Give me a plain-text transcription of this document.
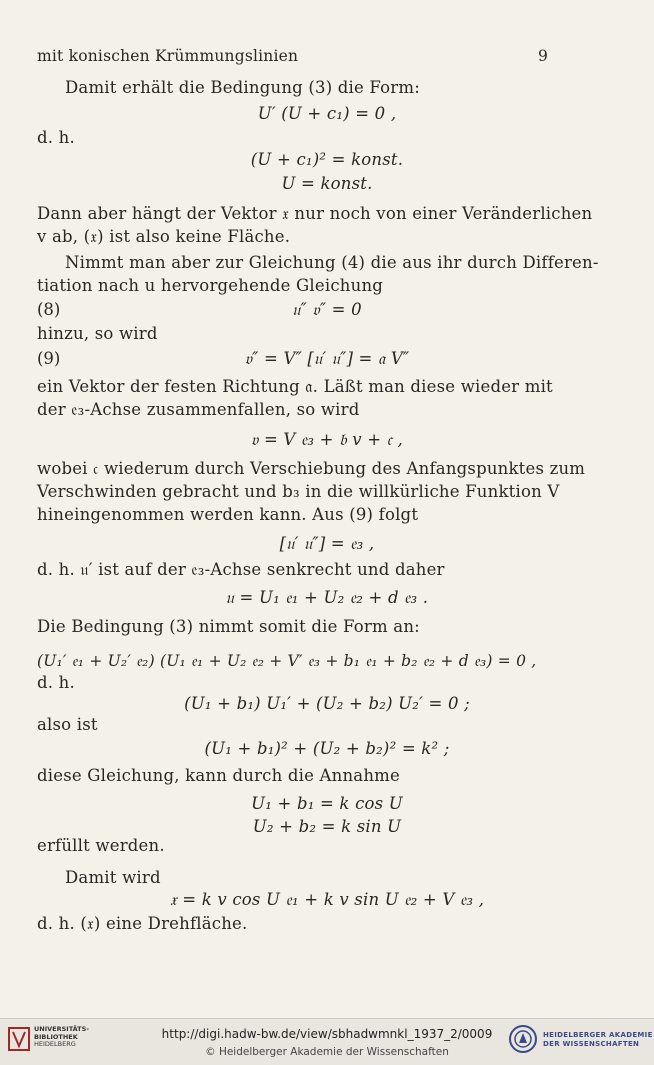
mit konischen Krümmungslinien	9
Damit erhält die Bedingung (3) die Form:
U′ (U + c₁) = 0 ,
d. h.
(U + c₁)² = konst.
U = konst.
Dann aber hängt der Vektor 𝔵 nur noch von einer Veränderlichen
v ab, (𝔵) ist also keine Fläche.
Nimmt man aber zur Gleichung (4) die aus ihr durch Differen-
tiation nach u hervorgehende Gleichung
(8)	𝔲″ 𝔳″ = 0
hinzu, so wird
(9)	𝔳″ = V″ [𝔲′ 𝔲″] = 𝔞 V″
ein Vektor der festen Richtung 𝔞. Läßt man diese wieder mit
der 𝔢₃-Achse zusammenfallen, so wird
𝔳 = V 𝔢₃ + 𝔟 v + 𝔠 ,
wobei 𝔠 wiederum durch Verschiebung des Anfangspunktes zum
Verschwinden gebracht und b₃ in die willkürliche Funktion V
hineingenommen werden kann. Aus (9) folgt
[𝔲′ 𝔲″] = 𝔢₃ ,
d. h. 𝔲′ ist auf der 𝔢₃-Achse senkrecht und daher
𝔲 = U₁ 𝔢₁ + U₂ 𝔢₂ + d 𝔢₃ .
Die Bedingung (3) nimmt somit die Form an:
(U₁′ 𝔢₁ + U₂′ 𝔢₂) (U₁ 𝔢₁ + U₂ 𝔢₂ + V′ 𝔢₃ + b₁ 𝔢₁ + b₂ 𝔢₂ + d 𝔢₃) = 0 ,
d. h.
(U₁ + b₁) U₁′ + (U₂ + b₂) U₂′ = 0 ;
also ist
(U₁ + b₁)² + (U₂ + b₂)² = k² ;
diese Gleichung, kann durch die Annahme
U₁ + b₁ = k cos U
U₂ + b₂ = k sin U
erfüllt werden.
Damit wird
𝔵 = k v cos U 𝔢₁ + k v sin U 𝔢₂ + V 𝔢₃ ,
d. h. (𝔵) eine Drehfläche.
UNIVERSITÄTS-
BIBLIOTHEK
HEIDELBERG
http://digi.hadw-bw.de/view/sbhadwmnkl_1937_2/0009
© Heidelberger Akademie der Wissenschaften
HEIDELBERGER AKADEMIE
DER WISSENSCHAFTEN
